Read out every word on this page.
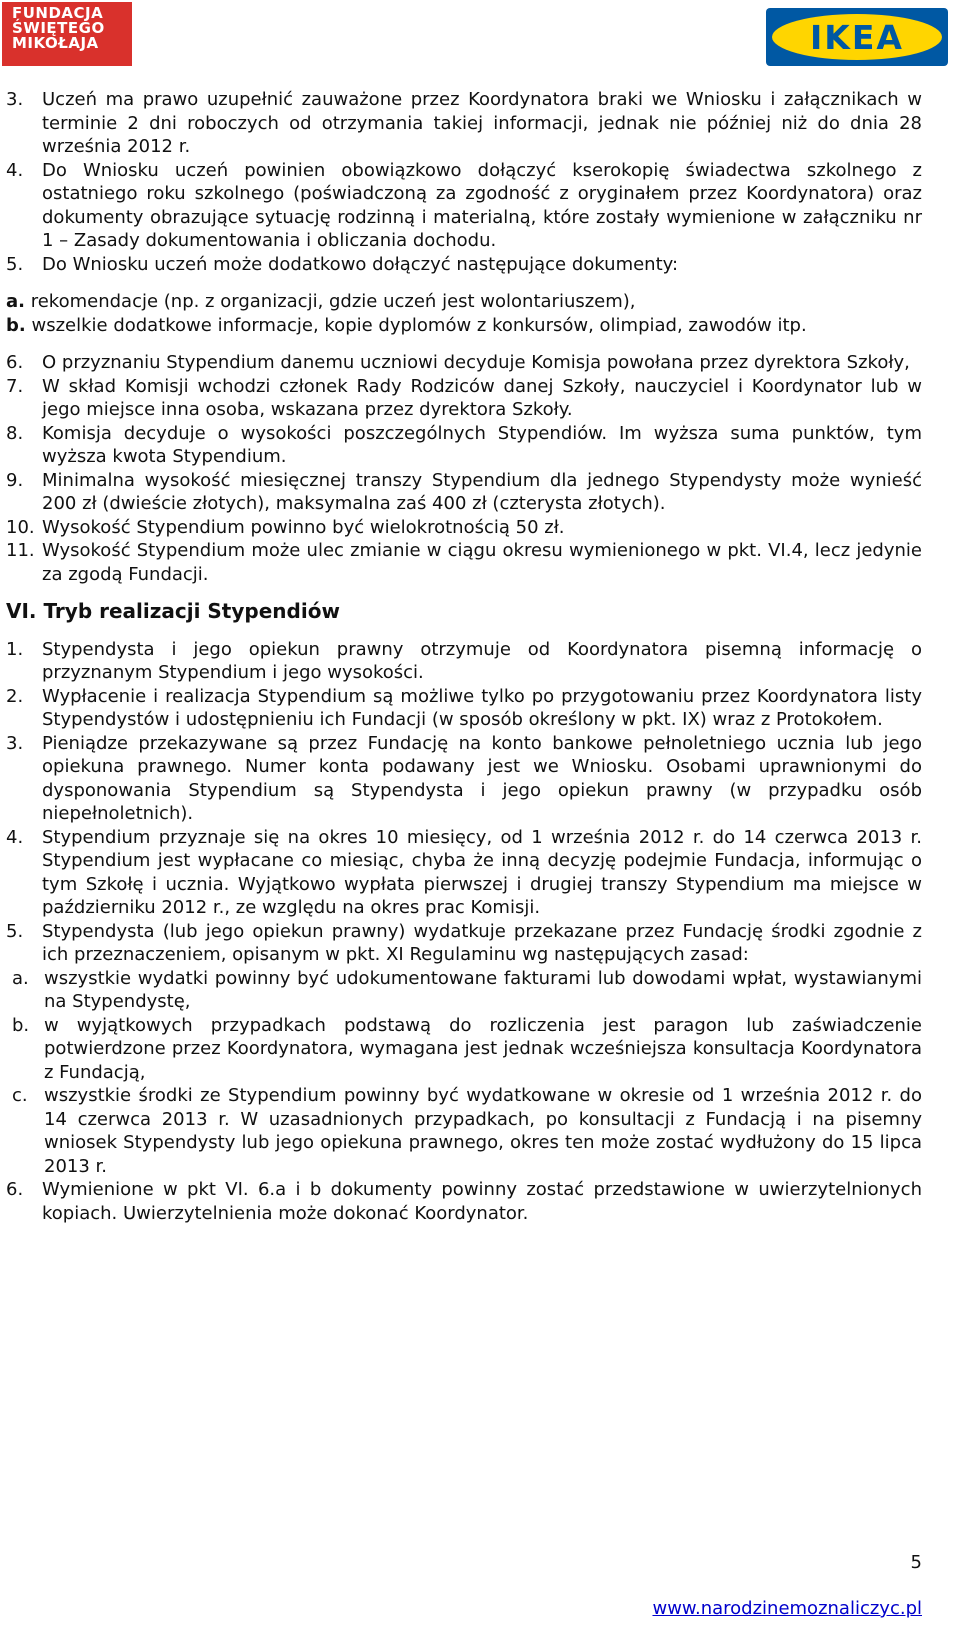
FUNDACJA
ŚWIĘTEGO
MIKOŁAJA	IKEA
3.	Uczeń ma prawo uzupełnić zauważone przez Koordynatora braki we Wniosku i załącznikach w terminie 2 dni roboczych od otrzymania takiej informacji, jednak nie później niż do dnia 28 września 2012 r.
4.	Do Wniosku uczeń powinien obowiązkowo dołączyć kserokopię świadectwa szkolnego z ostatniego roku szkolnego (poświadczoną za zgodność z oryginałem przez Koordynatora) oraz dokumenty obrazujące sytuację rodzinną i materialną, które zostały wymienione w załączniku nr 1 – Zasady dokumentowania i obliczania dochodu.
5.	Do Wniosku uczeń może dodatkowo dołączyć następujące dokumenty:
a. rekomendacje (np. z organizacji, gdzie uczeń jest wolontariuszem),
b. wszelkie dodatkowe informacje, kopie dyplomów z konkursów, olimpiad, zawodów itp.
6.	O przyznaniu Stypendium danemu uczniowi decyduje Komisja powołana przez dyrektora Szkoły,
7.	W skład Komisji wchodzi członek Rady Rodziców danej Szkoły, nauczyciel i Koordynator lub w jego miejsce inna osoba, wskazana przez dyrektora Szkoły.
8.	Komisja decyduje o wysokości poszczególnych Stypendiów. Im wyższa suma punktów, tym wyższa kwota Stypendium.
9.	Minimalna wysokość miesięcznej transzy Stypendium dla jednego Stypendysty może wynieść 200 zł (dwieście złotych), maksymalna zaś 400 zł (czterysta złotych).
10. Wysokość Stypendium powinno być wielokrotnością 50 zł.
11. Wysokość Stypendium może ulec zmianie w ciągu okresu wymienionego w pkt. VI.4, lecz jedynie za zgodą Fundacji.
VI. Tryb realizacji Stypendiów
1.	Stypendysta i jego opiekun prawny otrzymuje od Koordynatora pisemną informację o przyznanym Stypendium i jego wysokości.
2.	Wypłacenie i realizacja Stypendium są możliwe tylko po przygotowaniu przez Koordynatora listy Stypendystów i udostępnieniu ich Fundacji (w sposób określony w pkt. IX) wraz z Protokołem.
3.	Pieniądze przekazywane są przez Fundację na konto bankowe pełnoletniego ucznia lub jego opiekuna prawnego. Numer konta podawany jest we Wniosku. Osobami uprawnionymi do dysponowania Stypendium są Stypendysta i jego opiekun prawny (w przypadku osób niepełnoletnich).
4.	Stypendium przyznaje się na okres 10 miesięcy, od 1 września 2012 r. do 14 czerwca 2013 r. Stypendium jest wypłacane co miesiąc, chyba że inną decyzję podejmie Fundacja, informując o tym Szkołę i ucznia. Wyjątkowo wypłata pierwszej i drugiej transzy Stypendium ma miejsce w październiku 2012 r., ze względu na okres prac Komisji.
5.	Stypendysta (lub jego opiekun prawny) wydatkuje przekazane przez Fundację środki zgodnie z ich przeznaczeniem, opisanym w pkt. XI Regulaminu wg następujących zasad:
a. wszystkie wydatki powinny być udokumentowane fakturami lub dowodami wpłat, wystawianymi na Stypendystę,
b. w wyjątkowych przypadkach podstawą do rozliczenia jest paragon lub zaświadczenie potwierdzone przez Koordynatora, wymagana jest jednak wcześniejsza konsultacja Koordynatora z Fundacją,
c. wszystkie środki ze Stypendium powinny być wydatkowane w okresie od 1 września 2012 r. do 14 czerwca 2013 r. W uzasadnionych przypadkach, po konsultacji z Fundacją i na pisemny wniosek Stypendysty lub jego opiekuna prawnego, okres ten może zostać wydłużony do 15 lipca 2013 r.
6.	Wymienione w pkt VI. 6.a i b dokumenty powinny zostać przedstawione w uwierzytelnionych kopiach. Uwierzytelnienia może dokonać Koordynator.
5
www.narodzinemoznaliczyc.pl
